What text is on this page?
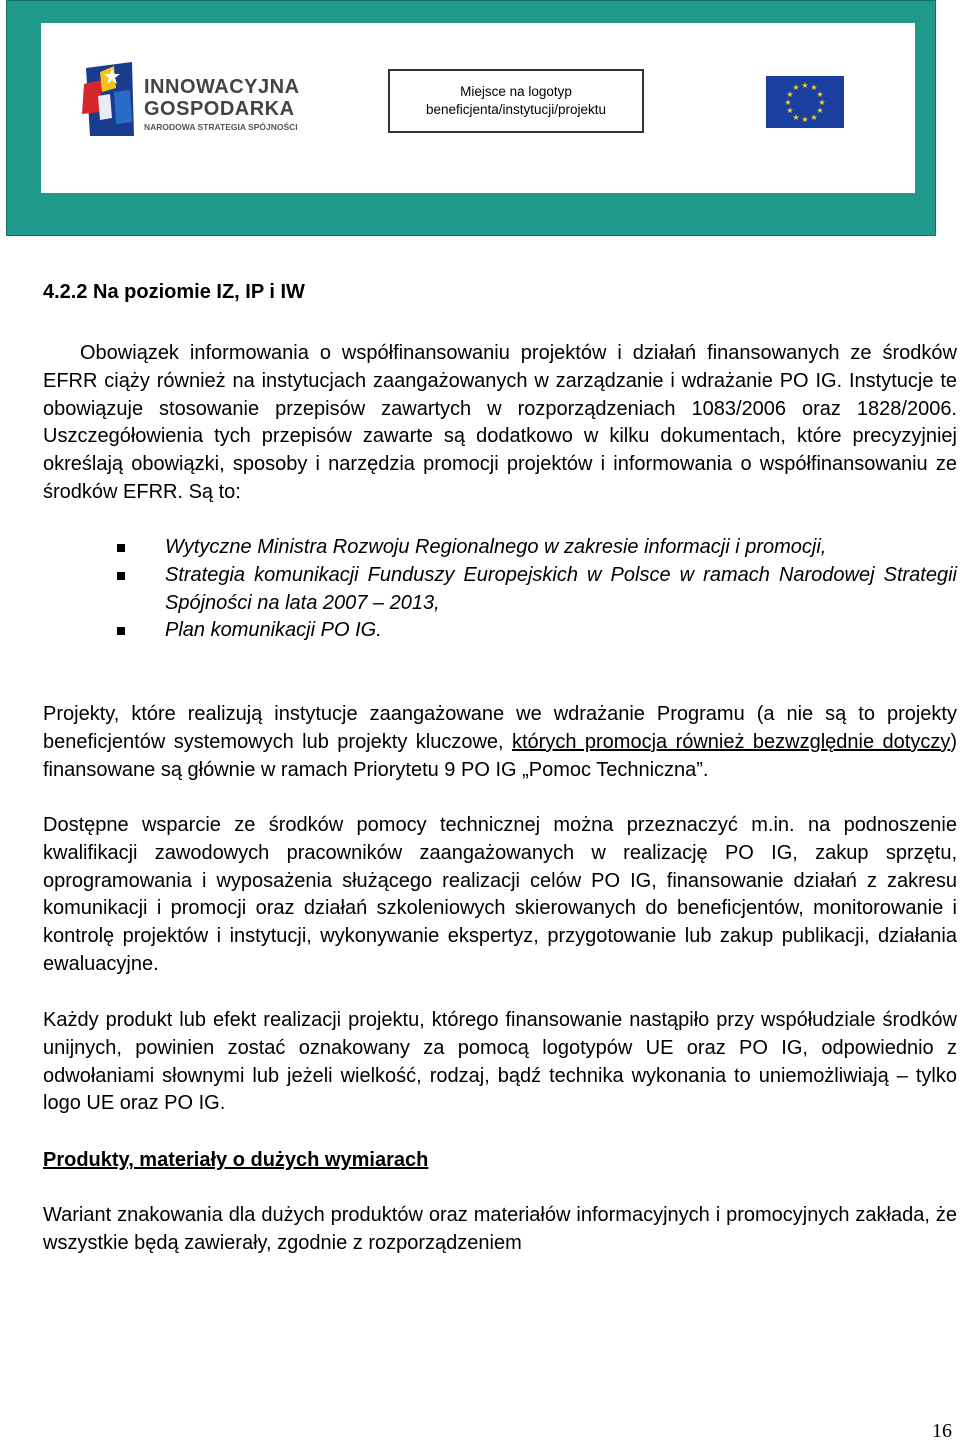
INNOWACYJNA
GOSPODARKA
NARODOWA STRATEGIA SPÓJNOŚCI
Miejsce na logotyp
beneficjenta/instytucji/projektu
★ ★
★
★
★
★
★
★
★
★
★
★
4.2.2 Na poziomie IZ, IP i IW

Obowiązek informowania o współfinansowaniu projektów i działań finansowanych ze środków EFRR ciąży również na instytucjach zaangażowanych w zarządzanie i wdrażanie PO IG. Instytucje te obowiązuje stosowanie przepisów zawartych w rozporządzeniach 1083/2006 oraz 1828/2006. Uszczegółowienia tych przepisów zawarte są dodatkowo w kilku dokumentach, które precyzyjniej określają obowiązki, sposoby i narzędzia promocji projektów i informowania o współfinansowaniu ze środków EFRR. Są to:

Wytyczne Ministra Rozwoju Regionalnego w zakresie informacji i promocji,
Strategia komunikacji Funduszy Europejskich w Polsce w ramach Narodowej Strategii Spójności na lata 2007 – 2013,
Plan komunikacji PO IG.

Projekty, które realizują instytucje zaangażowane we wdrażanie Programu (a nie są to projekty beneficjentów systemowych lub projekty kluczowe, których promocja również bezwzględnie dotyczy) finansowane są głównie w ramach Priorytetu 9 PO IG „Pomoc Techniczna”.

Dostępne wsparcie ze środków pomocy technicznej można przeznaczyć m.in. na podnoszenie kwalifikacji zawodowych pracowników zaangażowanych w realizację PO IG, zakup sprzętu, oprogramowania i wyposażenia służącego realizacji celów PO IG, finansowanie działań z zakresu komunikacji i promocji oraz działań szkoleniowych skierowanych do beneficjentów, monitorowanie i kontrolę projektów i instytucji, wykonywanie ekspertyz, przygotowanie lub zakup publikacji, działania ewaluacyjne.

Każdy produkt lub efekt realizacji projektu, którego finansowanie nastąpiło przy współudziale środków unijnych, powinien zostać oznakowany za pomocą logotypów UE oraz PO IG, odpowiednio z odwołaniami słownymi lub jeżeli wielkość, rodzaj, bądź technika wykonania to uniemożliwiają – tylko logo UE oraz PO IG.

Produkty, materiały o dużych wymiarach

Wariant znakowania dla dużych produktów oraz materiałów informacyjnych i promocyjnych zakłada, że wszystkie będą zawierały, zgodnie z rozporządzeniem

16
